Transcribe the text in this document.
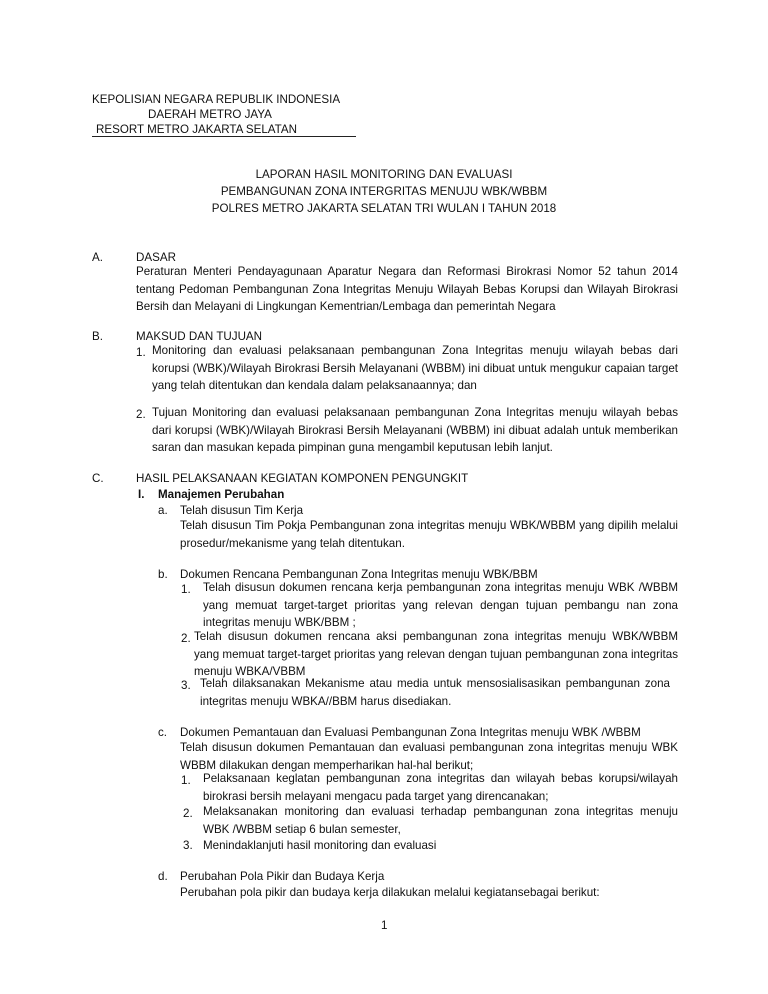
KEPOLISIAN NEGARA REPUBLIK INDONESIA
DAERAH METRO JAYA
RESORT METRO JAKARTA SELATAN
LAPORAN HASIL MONITORING DAN EVALUASI
PEMBANGUNAN ZONA INTERGRITAS MENUJU WBK/WBBM
POLRES METRO JAKARTA SELATAN TRI WULAN I TAHUN 2018
A.	DASAR
Peraturan Menteri Pendayagunaan Aparatur Negara dan Reformasi Birokrasi Nomor 52 tahun 2014 tentang Pedoman Pembangunan Zona Integritas Menuju Wilayah Bebas Korupsi dan Wilayah Birokrasi Bersih dan Melayani di Lingkungan Kementrian/Lembaga dan pemerintah Negara
B.	MAKSUD DAN TUJUAN
1. Monitoring dan evaluasi pelaksanaan pembangunan Zona Integritas menuju wilayah bebas dari korupsi (WBK)/Wilayah Birokrasi Bersih Melayanani (WBBM) ini dibuat untuk mengukur capaian target yang telah ditentukan dan kendala dalam pelaksanaannya; dan
2. Tujuan Monitoring dan evaluasi pelaksanaan pembangunan Zona Integritas menuju wilayah bebas dari korupsi (WBK)/Wilayah Birokrasi Bersih Melayanani (WBBM) ini dibuat adalah untuk memberikan saran dan masukan kepada pimpinan guna mengambil keputusan lebih lanjut.
C.	HASIL PELAKSANAAN KEGIATAN KOMPONEN PENGUNGKIT
I. Manajemen Perubahan
a. Telah disusun Tim Kerja
Telah disusun Tim Pokja Pembangunan zona integritas menuju WBK/WBBM yang dipilih melalui prosedur/mekanisme yang telah ditentukan.
b. Dokumen Rencana Pembangunan Zona Integritas menuju WBK/BBM
1. Telah disusun dokumen rencana kerja pembangunan zona integritas menuju WBK /WBBM yang memuat target-target prioritas yang relevan dengan tujuan pembangu nan zona integritas menuju WBK/BBM ;
2. Telah disusun dokumen rencana aksi pembangunan zona integritas menuju WBK/WBBM yang memuat target-target prioritas yang relevan dengan tujuan pembangunan zona integritas menuju WBKA/VBBM
3. Telah dilaksanakan Mekanisme atau media untuk mensosialisasikan pembangunan zona integritas menuju WBKA//BBM harus disediakan.
c. Dokumen Pemantauan dan Evaluasi Pembangunan Zona Integritas menuju WBK /WBBM
Telah disusun dokumen Pemantauan dan evaluasi pembangunan zona integritas menuju WBK WBBM dilakukan dengan memperharikan hal-hal berikut;
1. Pelaksanaan keglatan pembangunan zona integritas dan wilayah bebas korupsi/wilayah birokrasi bersih melayani mengacu pada target yang direncanakan;
2. Melaksanakan monitoring dan evaluasi terhadap pembangunan zona integritas menuju WBK /WBBM setiap 6 bulan semester,
3. Menindaklanjuti hasil monitoring dan evaluasi
d. Perubahan Pola Pikir dan Budaya Kerja
Perubahan pola pikir dan budaya kerja dilakukan melalui kegiatansebagai berikut:
1
